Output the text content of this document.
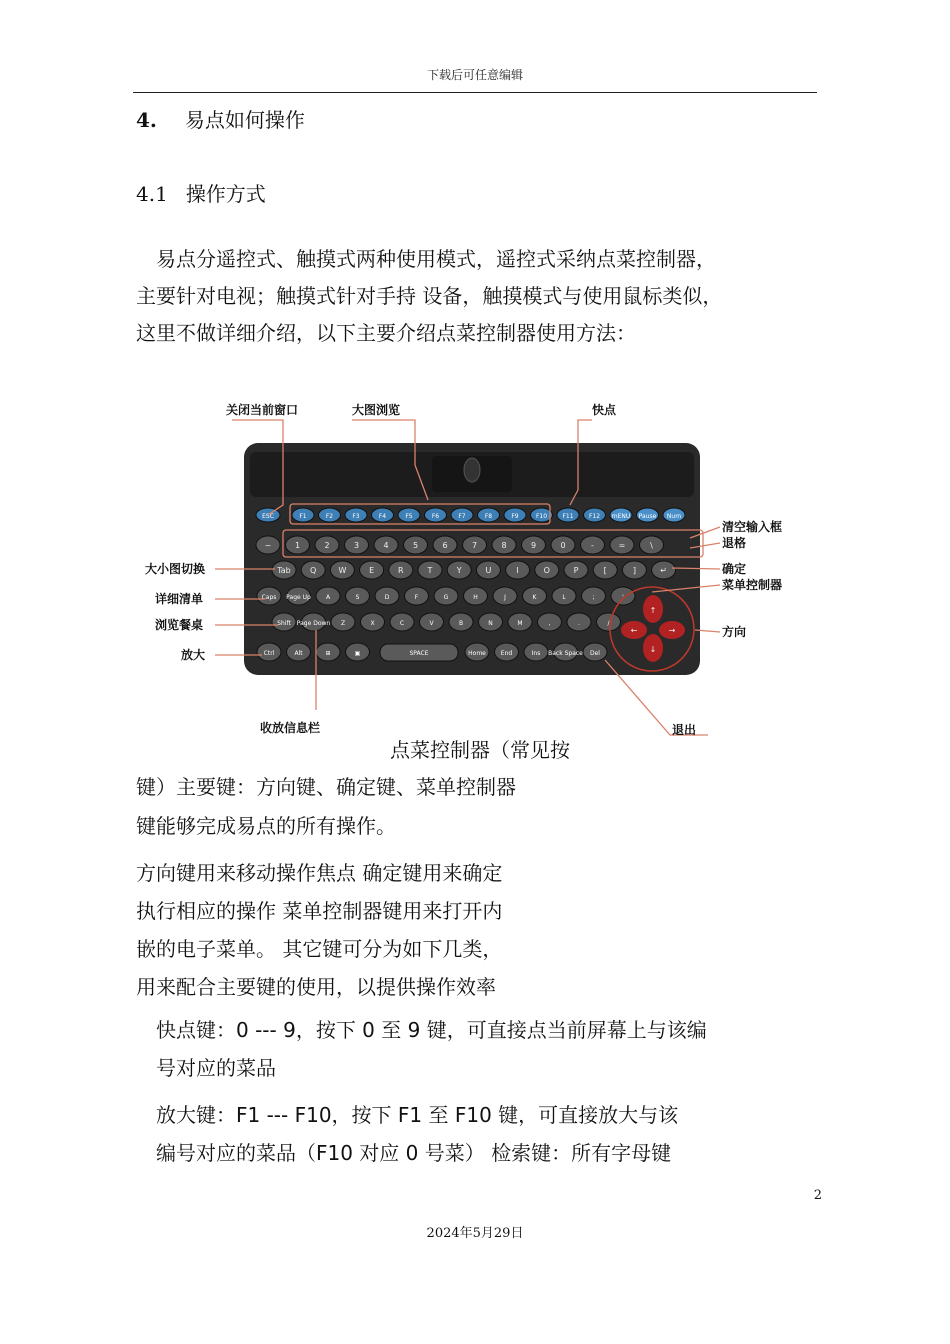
下载后可任意编辑
4. 易点如何操作
4.1 操作方式
　易点分遥控式、触摸式两种使用模式，遥控式采纳点菜控制器，
主要针对电视；触摸式针对手持 设备，触摸模式与使用鼠标类似，
这里不做详细介绍，以下主要介绍点菜控制器使用方法：
ESC	F1	F2	F3	F4	F5	F6	F7	F8	F9	F10	F11	F12 mENU Pause Num
~	1	2	3	4	5	6	7	8	9	0	-	=	\
Tab Q	W	E	R	T	Y	U	I	O	P	[	]	↵
Caps Page Up	A	S	D	F	G	H	J	K	L	;	'
Shift Page Down Z	X	C	V	B	N	M	,	.	/
Ctrl	Alt	⊞	▣	SPACE	Home End	Ins Back Space Del
↑
↓
←	→
关闭当前窗口	大图浏览	快点
清空输入框
退格
大小图切换
详细清单
浏览餐桌
放大
确定
菜单控制器
方向
收放信息栏	退出
点菜控制器（常见按
键）主要键：方向键、确定键、菜单控制器
键能够完成易点的所有操作。
方向键用来移动操作焦点 确定键用来确定
执行相应的操作 菜单控制器键用来打开内
嵌的电子菜单。 其它键可分为如下几类，
用来配合主要键的使用，以提供操作效率
　快点键：0 --- 9，按下 0 至 9 键，可直接点当前屏幕上与该编
　号对应的菜品
　放大键：F1 --- F10，按下 F1 至 F10 键，可直接放大与该
　编号对应的菜品（F10 对应 0 号菜） 检索键：所有字母键
2
2024年5月29日
